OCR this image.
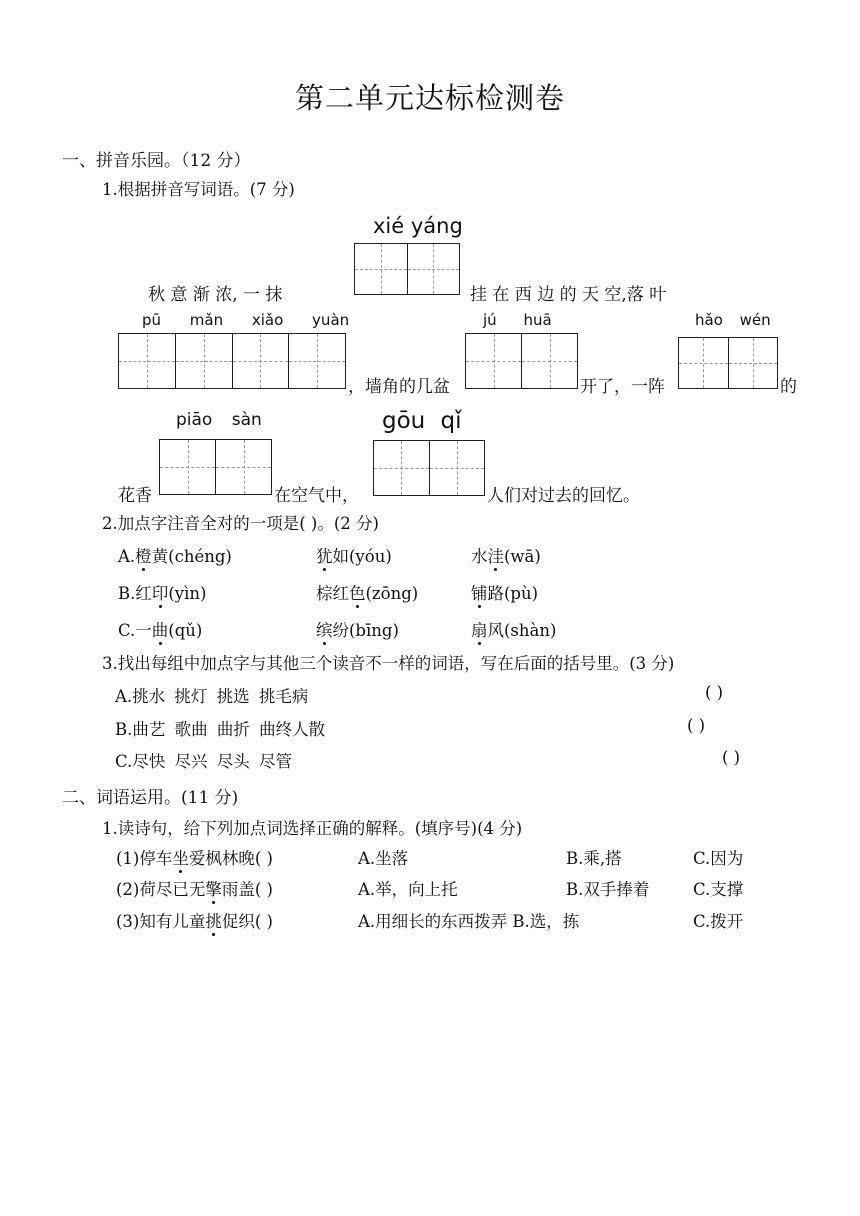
第二单元达标检测卷
一、拼音乐园。（12 分）
1.根据拼音写词语。(7 分)
xié yáng
pū mǎn xiǎo yuàn	jú huā	hǎo wén
piāo sàn	gōu qǐ
秋 意 渐 浓, 一 抹	挂 在 西 边 的 天 空,落 叶
，墙角的几盆	开了，一阵	的
花香	在空气中，	人们对过去的回忆。
2.加点字注音全对的一项是( )。(2 分)
A.橙黄(chéng)	犹如(yóu)	水洼(wā)
B.红印(yìn)	棕红色(zōng)	铺路(pù)
C.一曲(qǔ)	缤纷(bīng)	扇风(shàn)
3.找出每组中加点字与其他三个读音不一样的词语，写在后面的括号里。(3 分)
A.挑水 挑灯 挑选 挑毛病	( )
B.曲艺 歌曲 曲折 曲终人散	( )
C.尽快 尽兴 尽头 尽管	( )
二、词语运用。(11 分)
1.读诗句，给下列加点词选择正确的解释。(填序号)(4 分)
(1)停车坐爱枫林晚( )	A.坐落	B.乘,搭	C.因为
(2)荷尽已无擎雨盖( )	A.举，向上托	B.双手捧着	C.支撑
(3)知有儿童挑促织( )	A.用细长的东西拨弄 B.选，拣	C.拨开
